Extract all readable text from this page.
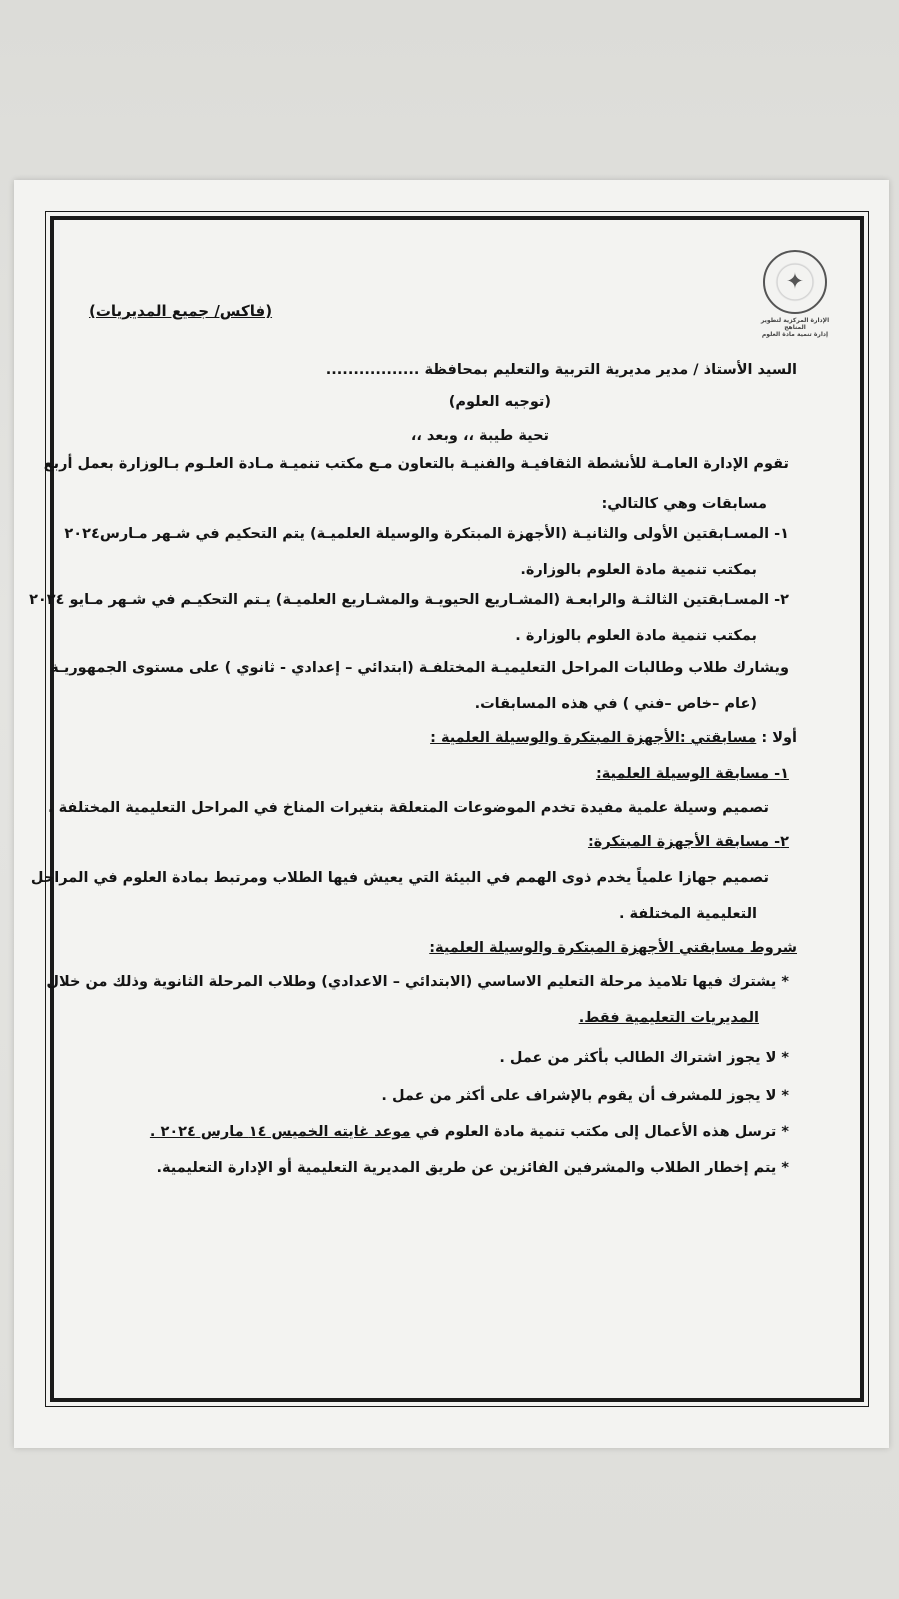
✦
الإدارة المركزية لتطوير المناهج
إدارة تنمية مادة العلوم
(فاكس/ جميع المديريات)
السيد الأستاذ / مدير مديرية التربية والتعليم بمحافظة .................
(توجيه العلوم)
تحية طيبة ،، وبعد ،،
تقوم الإدارة العامـة للأنشطة الثقافيـة والفنيـة بالتعاون مـع مكتب تنميـة مـادة العلـوم بـالوزارة بعمل أربع
مسابقات وهي كالتالي:
١- المسـابقتين الأولى والثانيـة (الأجهزة المبتكرة والوسيلة العلميـة) يتم التحكيم في شـهر مـارس٢٠٢٤
بمكتب تنمية مادة العلوم بالوزارة.
٢- المسـابقتين الثالثـة والرابعـة (المشـاريع الحيويـة والمشـاريع العلميـة) يـتم التحكيـم في شـهر مـايو ٢٠٢٤
بمكتب تنمية مادة العلوم بالوزارة .
ويشارك طلاب وطالبات المراحل التعليميـة المختلفـة (ابتدائي – إعدادي - ثانوي ) على مستوى الجمهوريـة
(عام –خاص –فني ) في هذه المسابقات.
أولا : مسابقتي :الأجهزة المبتكرة والوسيلة العلمية :
١- مسابقة الوسيلة العلمية:
تصميم وسيلة علمية مفيدة تخدم الموضوعات المتعلقة بتغيرات المناخ في المراحل التعليمية المختلفة .
٢- مسابقة الأجهزة المبتكرة:
تصميم جهازا علمياً يخدم ذوى الهمم في البيئة التي يعيش فيها الطلاب ومرتبط بمادة العلوم في المراحل
التعليمية المختلفة .
شروط مسابقتي الأجهزة المبتكرة والوسيلة العلمية:
* يشترك فيها تلاميذ مرحلة التعليم الاساسي (الابتدائي – الاعدادي) وطلاب المرحلة الثانوية وذلك من خلال
المديريات التعليمية فقط.
* لا يجوز اشتراك الطالب بأكثر من عمل .
* لا يجوز للمشرف أن يقوم بالإشراف على أكثر من عمل .
* ترسل هذه الأعمال إلى مكتب تنمية مادة العلوم في موعد غايته الخميس ١٤ مارس ٢٠٢٤ .
* يتم إخطار الطلاب والمشرفين الفائزين عن طريق المديرية التعليمية أو الإدارة التعليمية.
